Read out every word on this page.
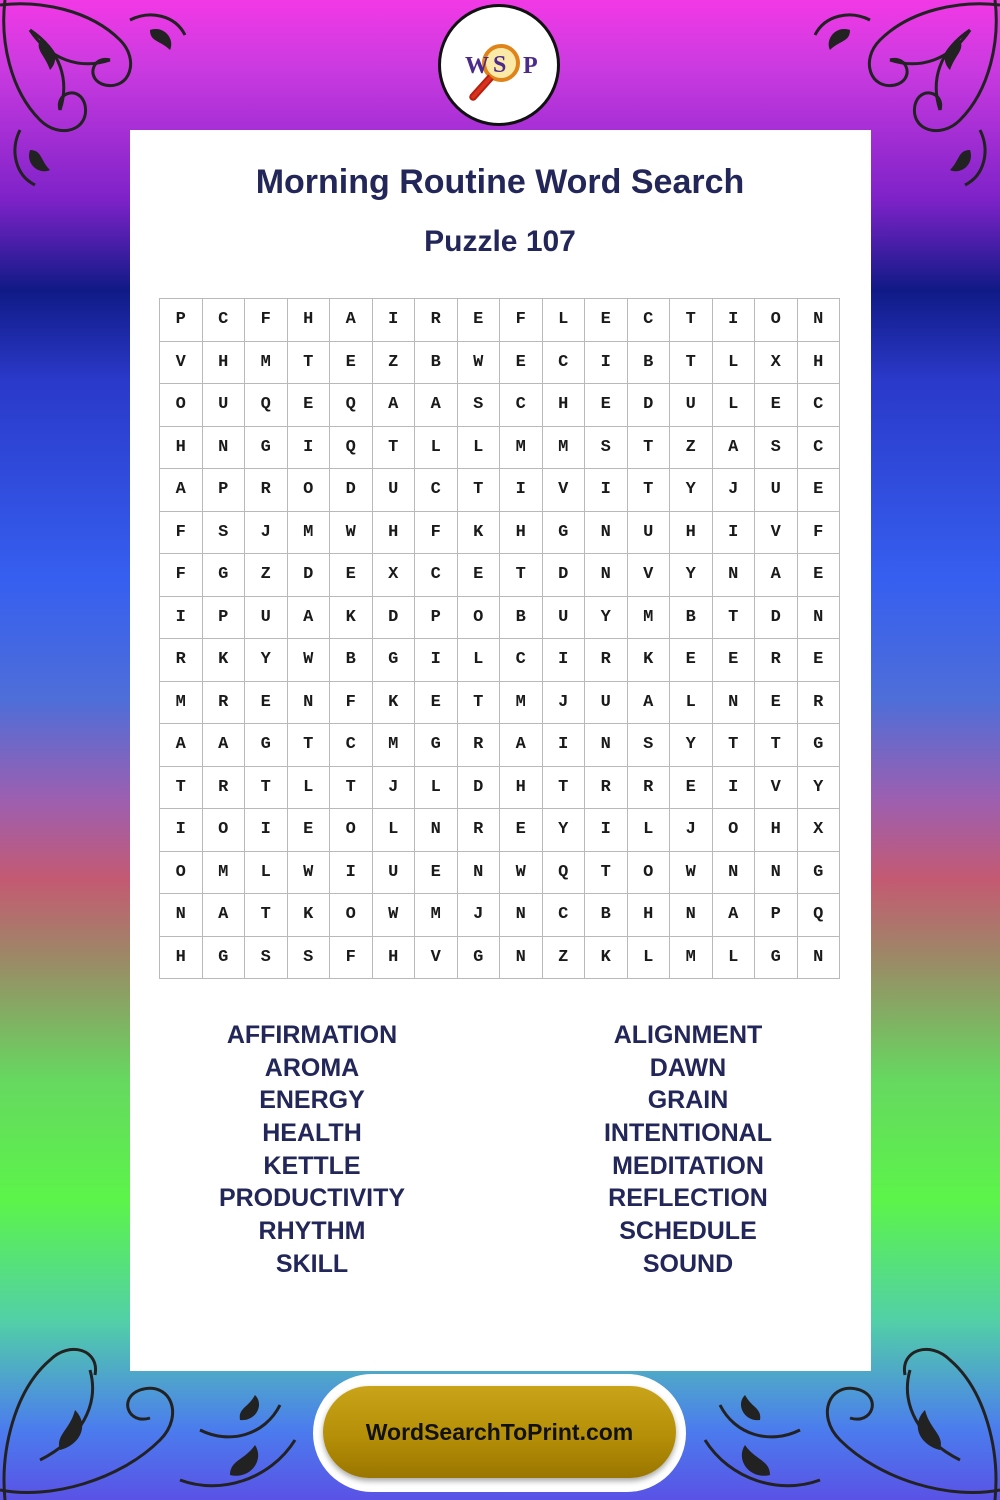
W S P
Morning Routine Word Search
Puzzle 107
P	C	F	H	A	I	R	E	F	L	E	C	T	I	O	N
V	H	M	T	E	Z	B	W	E	C	I	B	T	L	X	H
O	U	Q	E	Q	A	A	S	C	H	E	D	U	L	E	C
H	N	G	I	Q	T	L	L	M	M	S	T	Z	A	S	C
A	P	R	O	D	U	C	T	I	V	I	T	Y	J	U	E
F	S	J	M	W	H	F	K	H	G	N	U	H	I	V	F
F	G	Z	D	E	X	C	E	T	D	N	V	Y	N	A	E
I	P	U	A	K	D	P	O	B	U	Y	M	B	T	D	N
R	K	Y	W	B	G	I	L	C	I	R	K	E	E	R	E
M	R	E	N	F	K	E	T	M	J	U	A	L	N	E	R
A	A	G	T	C	M	G	R	A	I	N	S	Y	T	T	G
T	R	T	L	T	J	L	D	H	T	R	R	E	I	V	Y
I	O	I	E	O	L	N	R	E	Y	I	L	J	O	H	X
O	M	L	W	I	U	E	N	W	Q	T	O	W	N	N	G
N	A	T	K	O	W	M	J	N	C	B	H	N	A	P	Q
H	G	S	S	F	H	V	G	N	Z	K	L	M	L	G	N
AFFIRMATION
AROMA
ENERGY
HEALTH
KETTLE
PRODUCTIVITY
RHYTHM
SKILL
ALIGNMENT
DAWN
GRAIN
INTENTIONAL
MEDITATION
REFLECTION
SCHEDULE
SOUND
WordSearchToPrint.com
